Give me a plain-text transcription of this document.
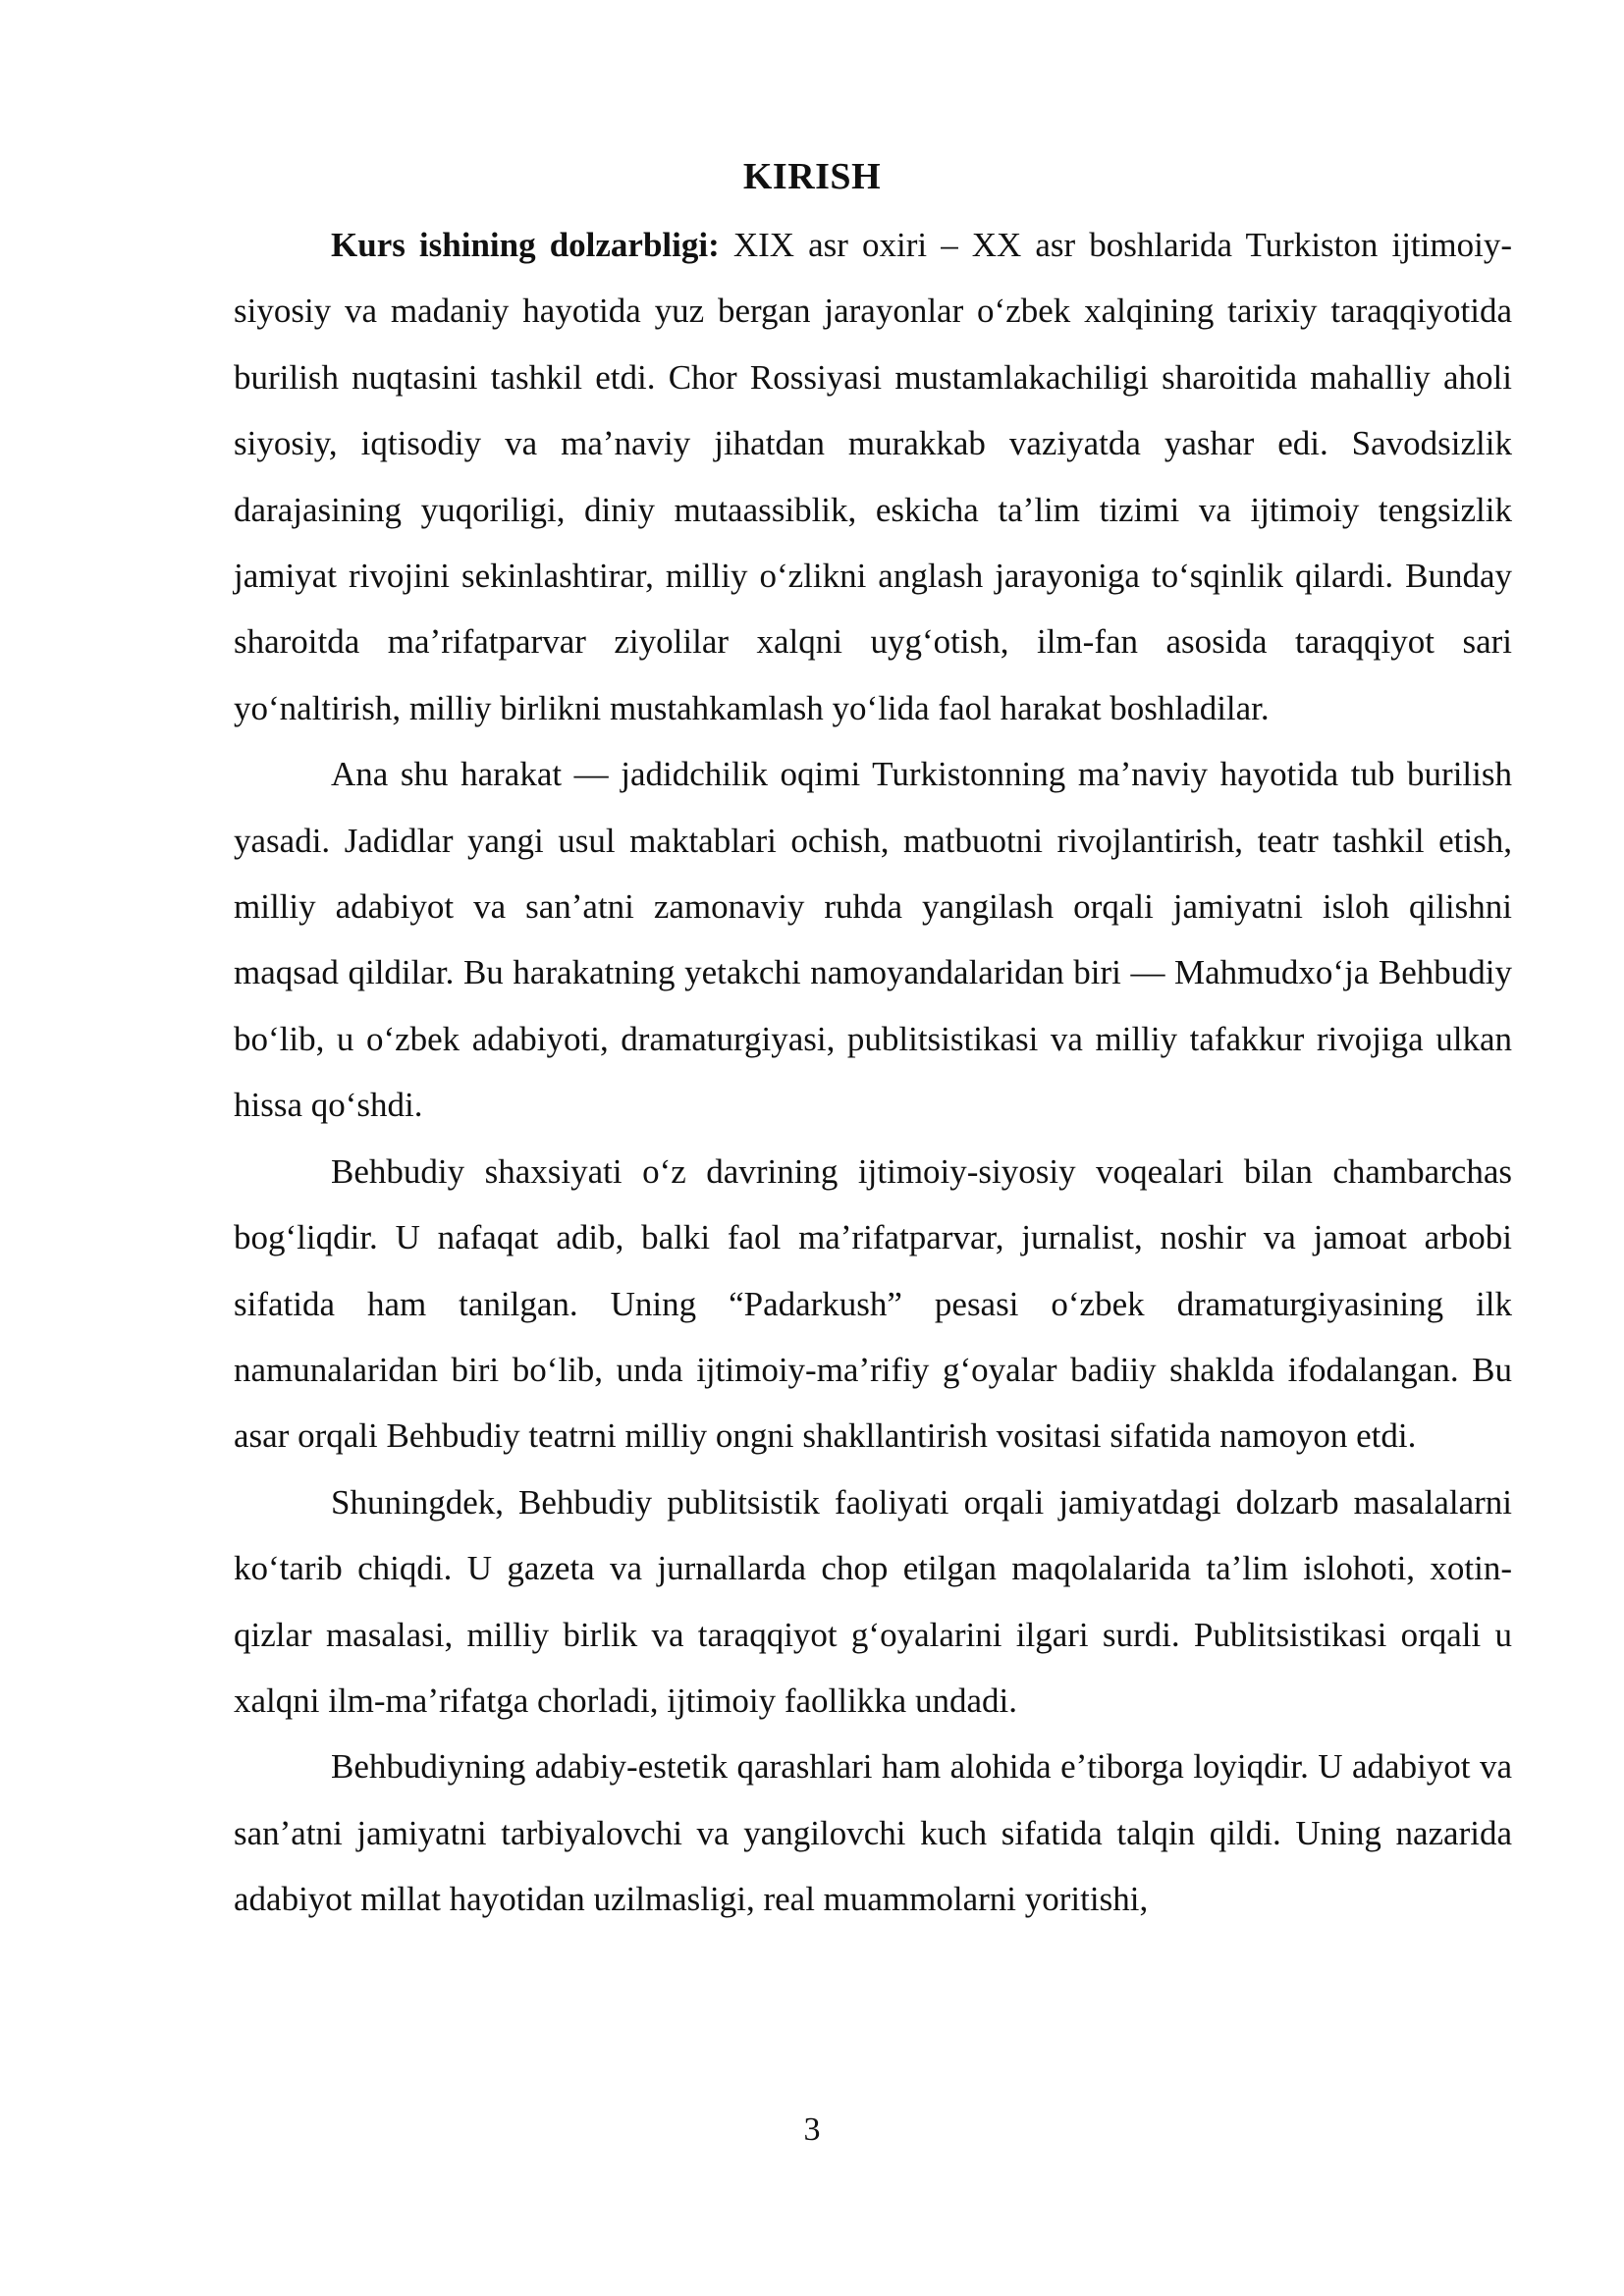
KIRISH

Kurs ishining dolzarbligi: XIX asr oxiri – XX asr boshlarida Turkiston ijtimoiy-siyosiy va madaniy hayotida yuz bergan jarayonlar oʻzbek xalqining tarixiy taraqqiyotida burilish nuqtasini tashkil etdi. Chor Rossiyasi mustamlakachiligi sharoitida mahalliy aholi siyosiy, iqtisodiy va maʼnaviy jihatdan murakkab vaziyatda yashar edi. Savodsizlik darajasining yuqoriligi, diniy mutaassiblik, eskicha taʼlim tizimi va ijtimoiy tengsizlik jamiyat rivojini sekinlashtirar, milliy oʻzlikni anglash jarayoniga toʻsqinlik qilardi. Bunday sharoitda maʼrifatparvar ziyolilar xalqni uygʻotish, ilm-fan asosida taraqqiyot sari yoʻnaltirish, milliy birlikni mustahkamlash yoʻlida faol harakat boshladilar.

Ana shu harakat — jadidchilik oqimi Turkistonning maʼnaviy hayotida tub burilish yasadi. Jadidlar yangi usul maktablari ochish, matbuotni rivojlantirish, teatr tashkil etish, milliy adabiyot va sanʼatni zamonaviy ruhda yangilash orqali jamiyatni isloh qilishni maqsad qildilar. Bu harakatning yetakchi namoyandalaridan biri — Mahmudxoʻja Behbudiy boʻlib, u oʻzbek adabiyoti, dramaturgiyasi, publitsistikasi va milliy tafakkur rivojiga ulkan hissa qoʻshdi.

Behbudiy shaxsiyati oʻz davrining ijtimoiy-siyosiy voqealari bilan chambarchas bogʻliqdir. U nafaqat adib, balki faol maʼrifatparvar, jurnalist, noshir va jamoat arbobi sifatida ham tanilgan. Uning “Padarkush” pesasi oʻzbek dramaturgiyasining ilk namunalaridan biri boʻlib, unda ijtimoiy-maʼrifiy gʻoyalar badiiy shaklda ifodalangan. Bu asar orqali Behbudiy teatrni milliy ongni shakllantirish vositasi sifatida namoyon etdi.

Shuningdek, Behbudiy publitsistik faoliyati orqali jamiyatdagi dolzarb masalalarni koʻtarib chiqdi. U gazeta va jurnallarda chop etilgan maqolalarida taʼlim islohoti, xotin-qizlar masalasi, milliy birlik va taraqqiyot gʻoyalarini ilgari surdi. Publitsistikasi orqali u xalqni ilm-maʼrifatga chorladi, ijtimoiy faollikka undadi.

Behbudiyning adabiy-estetik qarashlari ham alohida eʼtiborga loyiqdir. U adabiyot va sanʼatni jamiyatni tarbiyalovchi va yangilovchi kuch sifatida talqin qildi. Uning nazarida adabiyot millat hayotidan uzilmasligi, real muammolarni yoritishi,

3
